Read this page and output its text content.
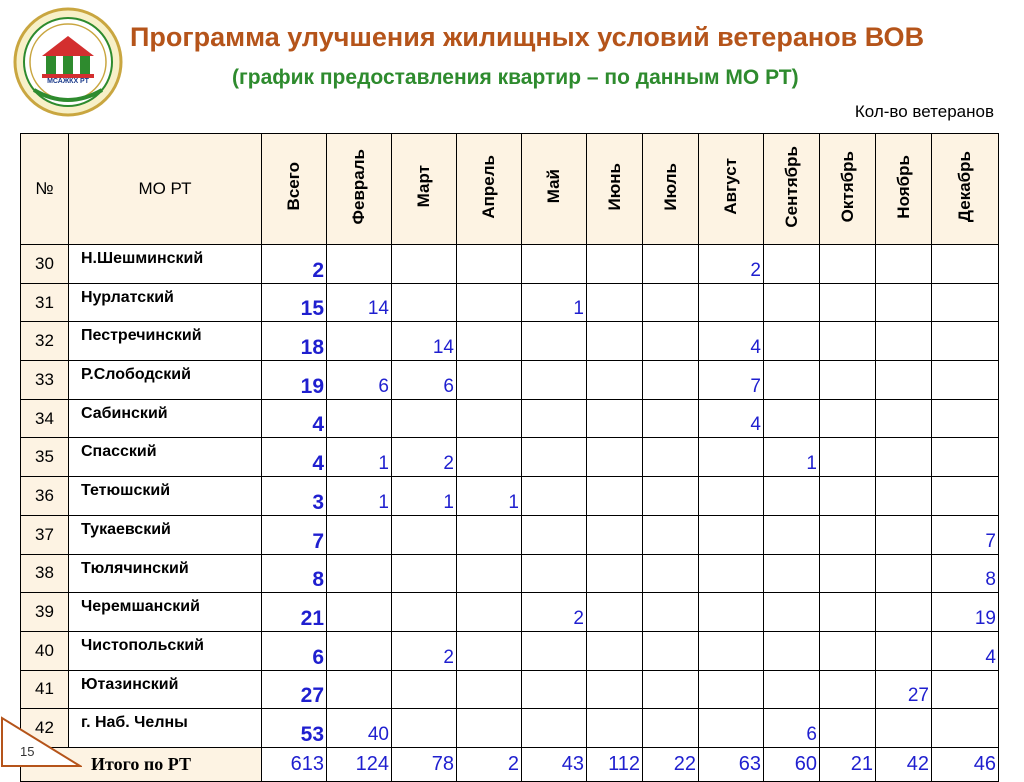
МСАЖКХ РТ
Программа улучшения жилищных условий ветеранов ВОВ
(график предоставления квартир – по данным МО РТ)
Кол-во ветеранов
№	МО РТ	Всего	Февраль	Март	Апрель	Май	Июнь	Июль	Август	Сентябрь	Октябрь	Ноябрь	Декабрь
30	Н.Шешминский	2							2				
31	Нурлатский	15	14			1							
32	Пестречинский	18		14					4				
33	Р.Слободский	19	6	6					7				
34	Сабинский	4							4				
35	Спасский	4	1	2						1			
36	Тетюшский	3	1	1	1								
37	Тукаевский	7											7
38	Тюлячинский	8											8
39	Черемшанский	21				2							19
40	Чистопольский	6		2									4
41	Ютазинский	27										27	
42	г. Наб. Челны	53	40							6			
Итого по РТ		613	124	78	2	43	112	22	63	60	21	42	46
15
